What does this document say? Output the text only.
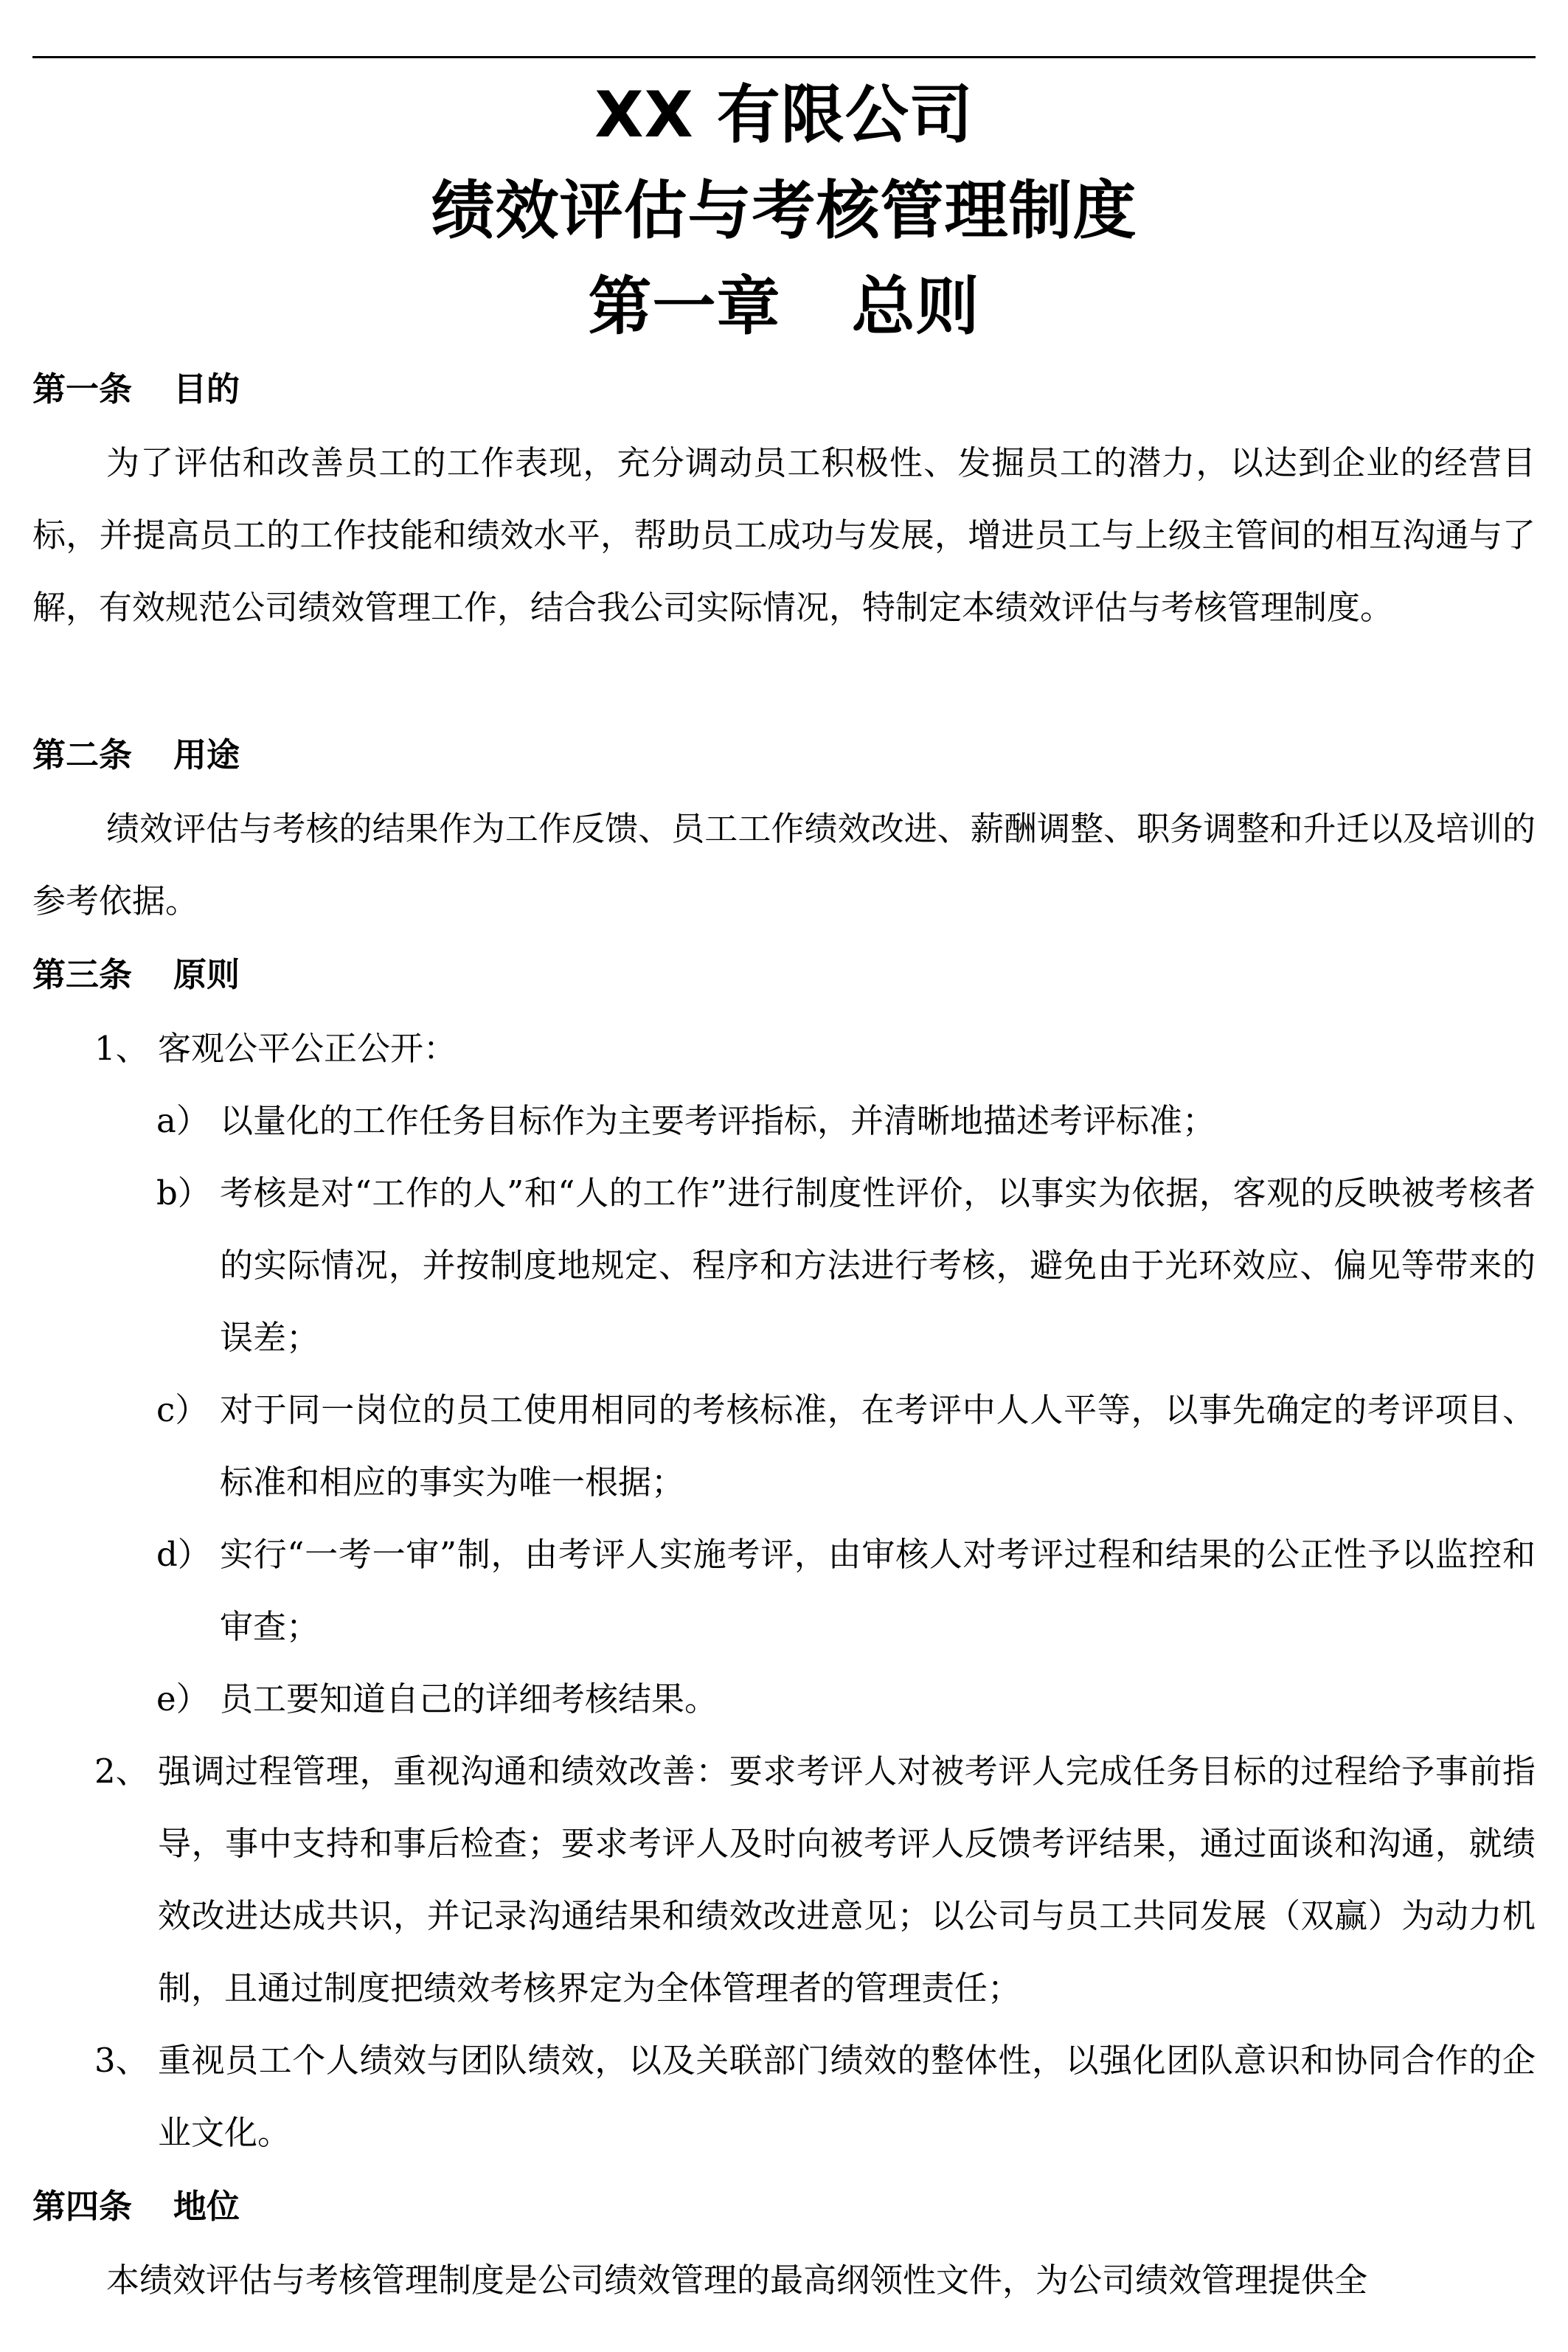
XX 有限公司
绩效评估与考核管理制度
第一章 总则
第一条 目的

为了评估和改善员工的工作表现，充分调动员工积极性、发掘员工的潜力，以达到企业的经营目标，并提高员工的工作技能和绩效水平，帮助员工成功与发展，增进员工与上级主管间的相互沟通与了解，有效规范公司绩效管理工作，结合我公司实际情况，特制定本绩效评估与考核管理制度。

第二条 用途

绩效评估与考核的结果作为工作反馈、员工工作绩效改进、薪酬调整、职务调整和升迁以及培训的参考依据。

第三条 原则
1、 客观公平公正公开：

a） 以量化的工作任务目标作为主要考评指标，并清晰地描述考评标准；

b） 考核是对“工作的人”和“人的工作”进行制度性评价，以事实为依据，客观的反映被考核者的实际情况，并按制度地规定、程序和方法进行考核，避免由于光环效应、偏见等带来的误差；

c） 对于同一岗位的员工使用相同的考核标准，在考评中人人平等，以事先确定的考评项目、标准和相应的事实为唯一根据；

d） 实行“一考一审”制，由考评人实施考评，由审核人对考评过程和结果的公正性予以监控和审查；

e） 员工要知道自己的详细考核结果。

2、 强调过程管理，重视沟通和绩效改善：要求考评人对被考评人完成任务目标的过程给予事前指导，事中支持和事后检查；要求考评人及时向被考评人反馈考评结果，通过面谈和沟通，就绩效改进达成共识，并记录沟通结果和绩效改进意见；以公司与员工共同发展（双赢）为动力机制，且通过制度把绩效考核界定为全体管理者的管理责任；

3、 重视员工个人绩效与团队绩效，以及关联部门绩效的整体性，以强化团队意识和协同合作的企业文化。

第四条 地位

本绩效评估与考核管理制度是公司绩效管理的最高纲领性文件，为公司绩效管理提供全
